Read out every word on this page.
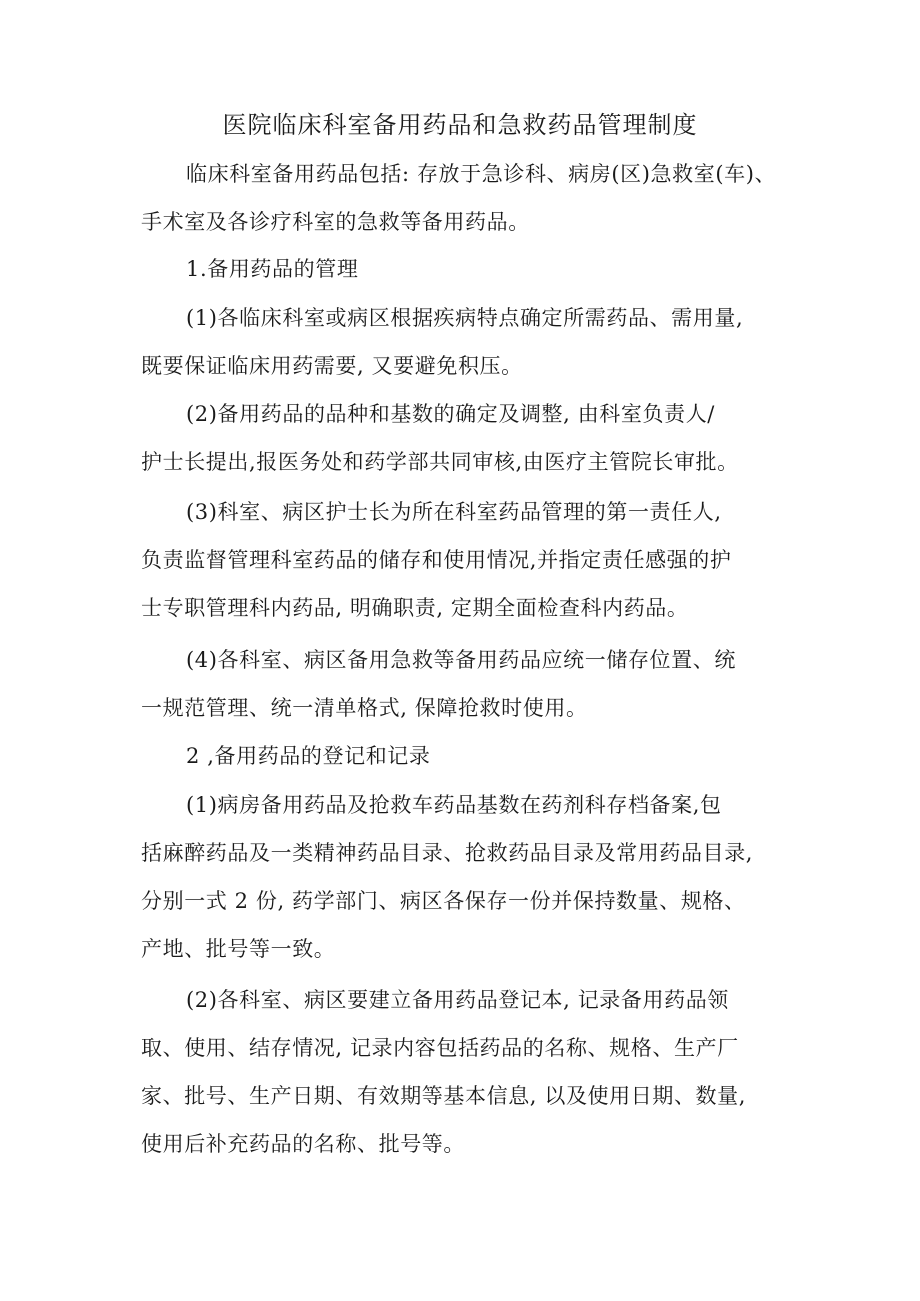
医院临床科室备用药品和急救药品管理制度
临床科室备用药品包括: 存放于急诊科、病房(区)急救室(车)、
手术室及各诊疗科室的急救等备用药品。
1.备用药品的管理
(1)各临床科室或病区根据疾病特点确定所需药品、需用量,
既要保证临床用药需要, 又要避免积压。
(2)备用药品的品种和基数的确定及调整, 由科室负责人/
护士长提出,报医务处和药学部共同审核,由医疗主管院长审批。
(3)科室、病区护士长为所在科室药品管理的第一责任人,
负责监督管理科室药品的储存和使用情况,并指定责任感强的护
士专职管理科内药品, 明确职责, 定期全面检查科内药品。
(4)各科室、病区备用急救等备用药品应统一储存位置、统
一规范管理、统一清单格式, 保障抢救时使用。
2 ,备用药品的登记和记录
(1)病房备用药品及抢救车药品基数在药剂科存档备案,包
括麻醉药品及一类精神药品目录、抢救药品目录及常用药品目录,
分别一式 2 份, 药学部门、病区各保存一份并保持数量、规格、
产地、批号等一致。
(2)各科室、病区要建立备用药品登记本, 记录备用药品领
取、使用、结存情况, 记录内容包括药品的名称、规格、生产厂
家、批号、生产日期、有效期等基本信息, 以及使用日期、数量,
使用后补充药品的名称、批号等。
